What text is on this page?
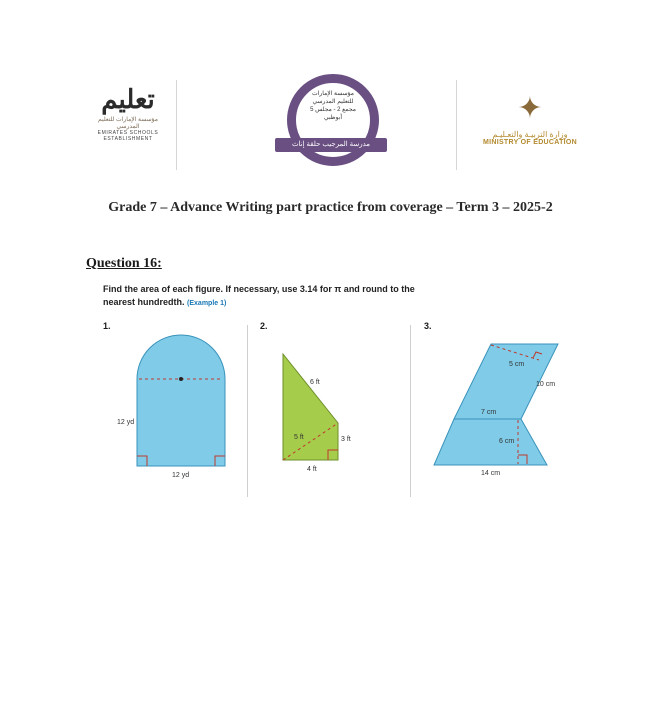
تعليم
مؤسسة الإمارات للتعليم المدرسي
EMIRATES SCHOOLS
ESTABLISHMENT
مؤسسة الإمارات
للتعليم المدرسي
مجمع 2 - مجلس 5
أبوظبي
مدرسة المرجيب حلقة إناث
✦
وزارة التربيـة والتعـليـم
MINISTRY OF EDUCATION
Grade 7 – Advance Writing part practice from coverage – Term 3 – 2025-2
Question 16:
Find the area of each figure. If necessary, use 3.14 for π and round to the
nearest hundredth. (Example 1)
1.	2.	3.
12 yd
12 yd
6 ft
5 ft	3 ft
4 ft
5 cm
10 cm
7 cm
6 cm
14 cm
